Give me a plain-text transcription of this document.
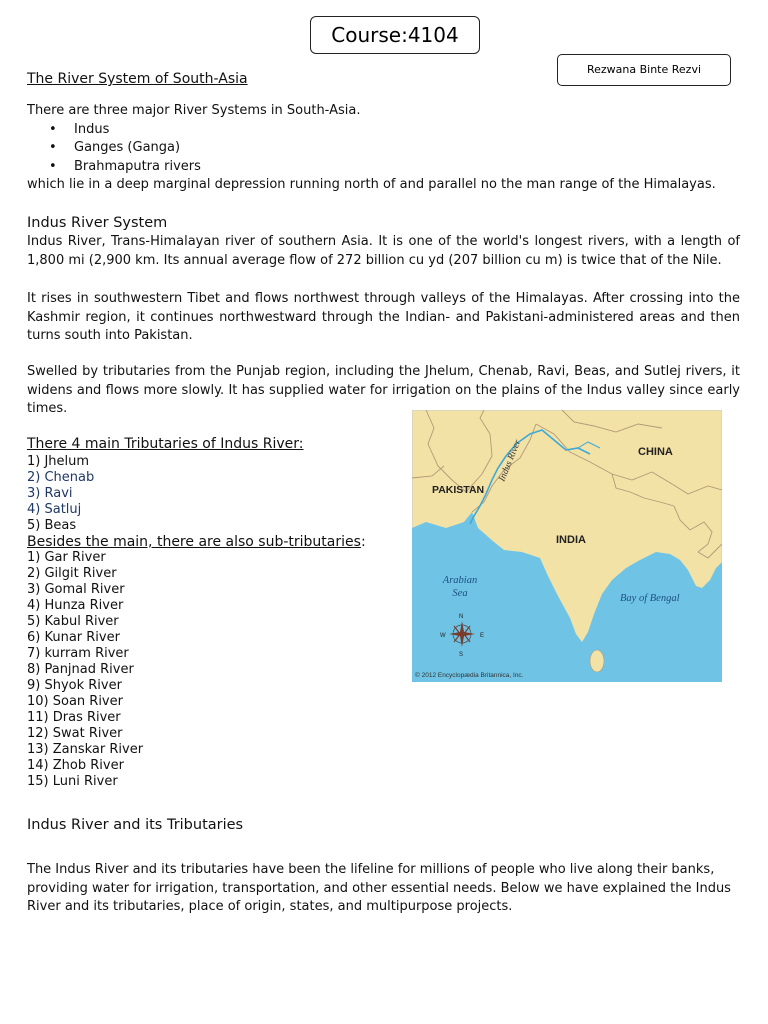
Course:4104
Rezwana Binte Rezvi
The River System of South-Asia
There are three major River Systems in South-Asia.
• Indus
• Ganges (Ganga)
• Brahmaputra rivers
which lie in a deep marginal depression running north of and parallel no the man range of the Himalayas.
Indus River System
Indus River, Trans-Himalayan river of southern Asia. It is one of the world's longest rivers, with a length of 1,800 mi (2,900 km. Its annual average flow of 272 billion cu yd (207 billion cu m) is twice that of the Nile.
It rises in southwestern Tibet and flows northwest through valleys of the Himalayas. After crossing into the Kashmir region, it continues northwestward through the Indian- and Pakistani-administered areas and then turns south into Pakistan.
Swelled by tributaries from the Punjab region, including the Jhelum, Chenab, Ravi, Beas, and Sutlej rivers, it widens and flows more slowly. It has supplied water for irrigation on the plains of the Indus valley since early times.
There 4 main Tributaries of Indus River:
1) Jhelum
2) Chenab
3) Ravi
4) Satluj
5) Beas
Besides the main, there are also sub-tributaries:
1) Gar River
2) Gilgit River
3) Gomal River
4) Hunza River
5) Kabul River
6) Kunar River
7) kurram River
8) Panjnad River
9) Shyok River
10) Soan River
11) Dras River
12) Swat River
13) Zanskar River
14) Zhob River
15) Luni River
CHINA
PAKISTAN
INDIA
Indus River
Arabian
Sea	Bay of Bengal
N
S
E
W
© 2012 Encyclopædia Britannica, Inc.
Indus River and its Tributaries
The Indus River and its tributaries have been the lifeline for millions of people who live along their banks, providing water for irrigation, transportation, and other essential needs. Below we have explained the Indus River and its tributaries, place of origin, states, and multipurpose projects.
